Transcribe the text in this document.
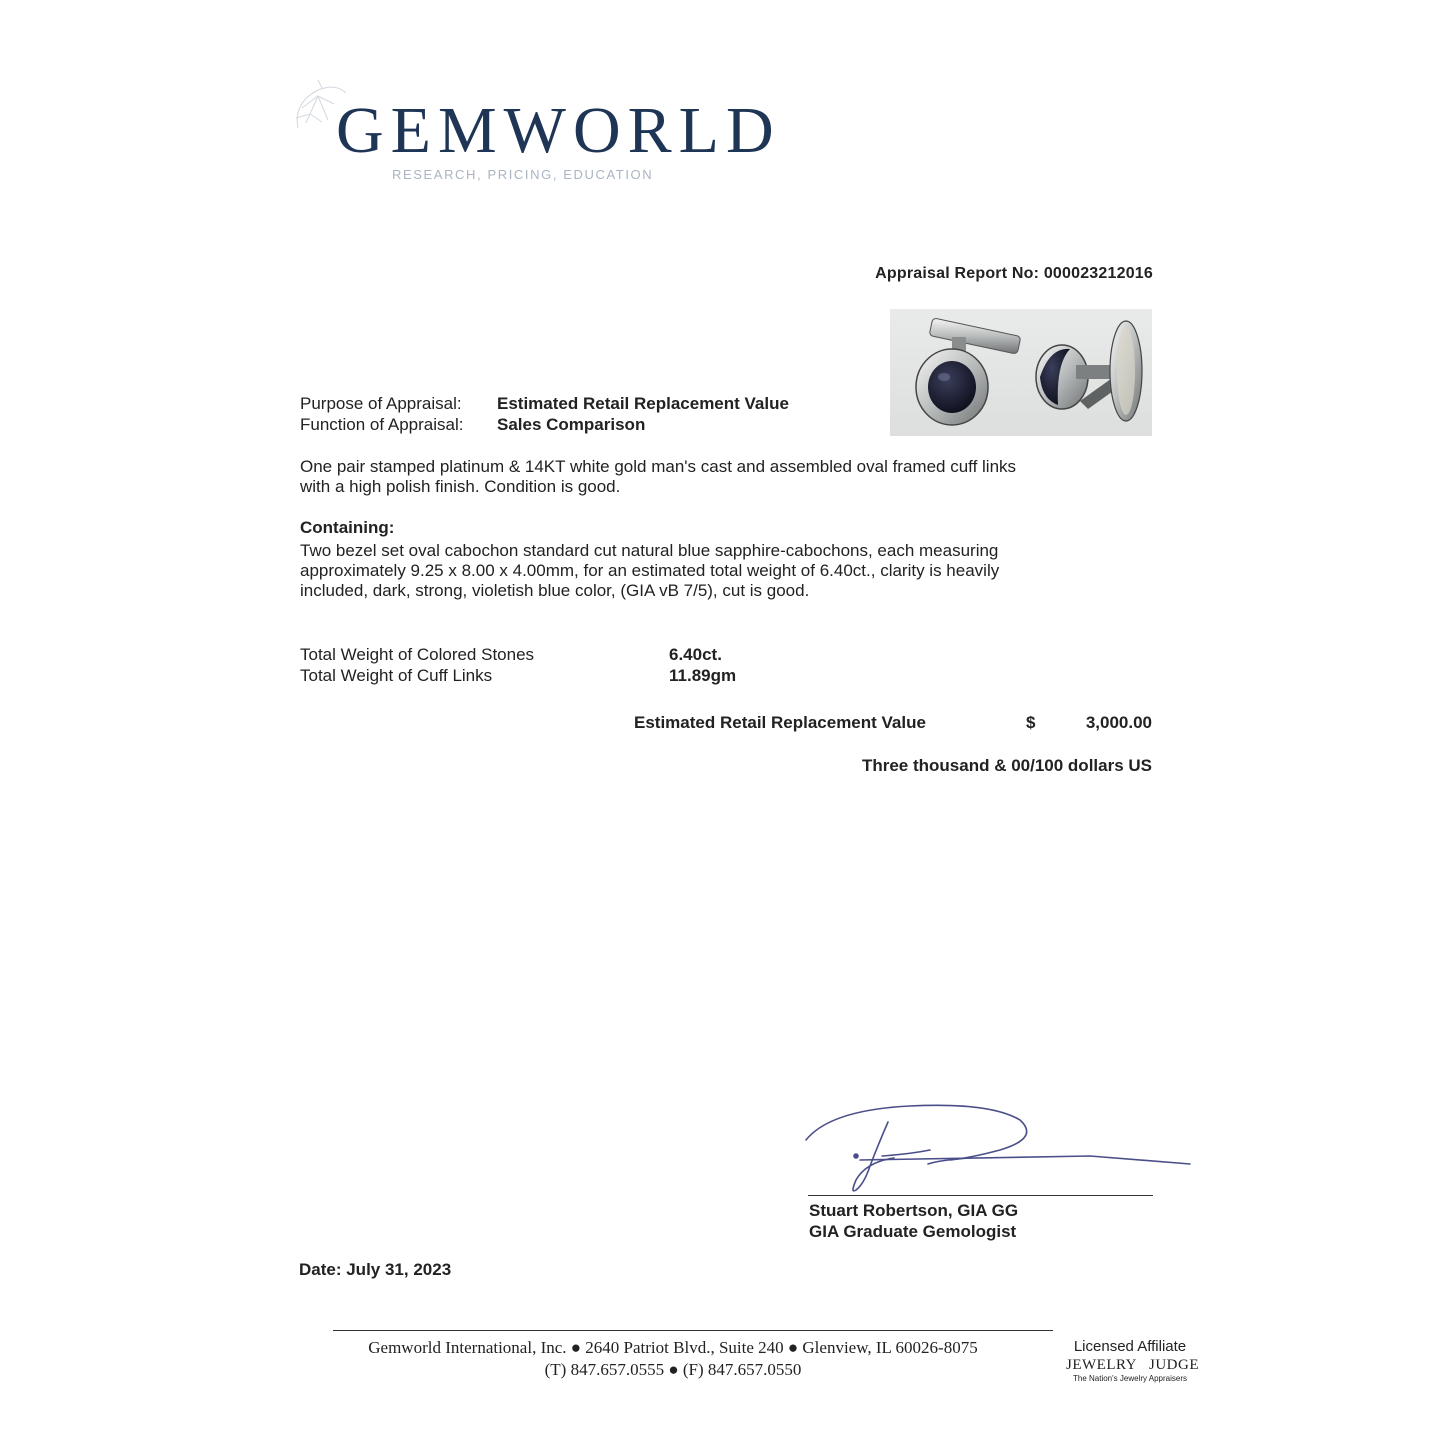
GEMWORLD
RESEARCH, PRICING, EDUCATION
Appraisal Report No: 000023212016
Purpose of Appraisal:	Estimated Retail Replacement Value
Function of Appraisal:	Sales Comparison
One pair stamped platinum & 14KT white gold man's cast and assembled oval framed cuff links with a high polish finish. Condition is good.
Containing:
Two bezel set oval cabochon standard cut natural blue sapphire-cabochons, each measuring approximately 9.25 x 8.00 x 4.00mm, for an estimated total weight of 6.40ct., clarity is heavily included, dark, strong, violetish blue color, (GIA vB 7/5), cut is good.
Total Weight of Colored Stones	6.40ct.
Total Weight of Cuff Links	11.89gm
Estimated Retail Replacement Value	$	3,000.00
Three thousand & 00/100 dollars US
Stuart Robertson, GIA GG
GIA Graduate Gemologist
Date: July 31, 2023
Gemworld International, Inc. ● 2640 Patriot Blvd., Suite 240 ● Glenview, IL 60026-8075
(T) 847.657.0555 ● (F) 847.657.0550
Licensed Affiliate
JEWELRY JUDGE
The Nation's Jewelry Appraisers
